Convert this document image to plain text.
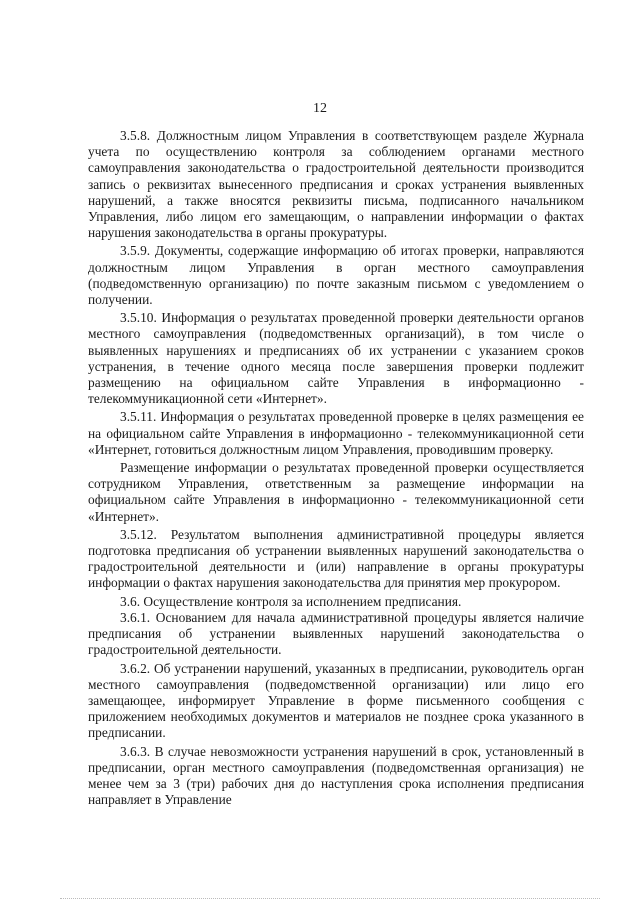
12

3.5.8. Должностным лицом Управления в соответствующем разделе Журнала учета по осуществлению контроля за соблюдением органами местного самоуправления законодательства о градостроительной деятельности производится запись о реквизитах вынесенного предписания и сроках устранения выявленных нарушений, а также вносятся реквизиты письма, подписанного начальником Управления, либо лицом его замещающим, о направлении информации о фактах нарушения законодательства в органы прокуратуры.

3.5.9. Документы, содержащие информацию об итогах проверки, направляются должностным лицом Управления в орган местного самоуправления (подведомственную организацию) по почте заказным письмом с уведомлением о получении.

3.5.10. Информация о результатах проведенной проверки деятельности органов местного самоуправления (подведомственных организаций), в том числе о выявленных нарушениях и предписаниях об их устранении с указанием сроков устранения, в течение одного месяца после завершения проверки подлежит размещению на официальном сайте Управления в информационно - телекоммуникационной сети «Интернет».

3.5.11. Информация о результатах проведенной проверке в целях размещения ее на официальном сайте Управления в информационно - телекоммуникационной сети «Интернет, готовиться должностным лицом Управления, проводившим проверку.

Размещение информации о результатах проведенной проверки осуществляется сотрудником Управления, ответственным за размещение информации на официальном сайте Управления в информационно - телекоммуникационной сети «Интернет».

3.5.12. Результатом выполнения административной процедуры является подготовка предписания об устранении выявленных нарушений законодательства о градостроительной деятельности и (или) направление в органы прокуратуры информации о фактах нарушения законодательства для принятия мер прокурором.

3.6. Осуществление контроля за исполнением предписания.

3.6.1. Основанием для начала административной процедуры является наличие предписания об устранении выявленных нарушений законодательства о градостроительной деятельности.

3.6.2. Об устранении нарушений, указанных в предписании, руководитель орган местного самоуправления (подведомственной организации) или лицо его замещающее, информирует Управление в форме письменного сообщения с приложением необходимых документов и материалов не позднее срока указанного в предписании.

3.6.3. В случае невозможности устранения нарушений в срок, установленный в предписании, орган местного самоуправления (подведомственная организация) не менее чем за 3 (три) рабочих дня до наступления срока исполнения предписания направляет в Управление
